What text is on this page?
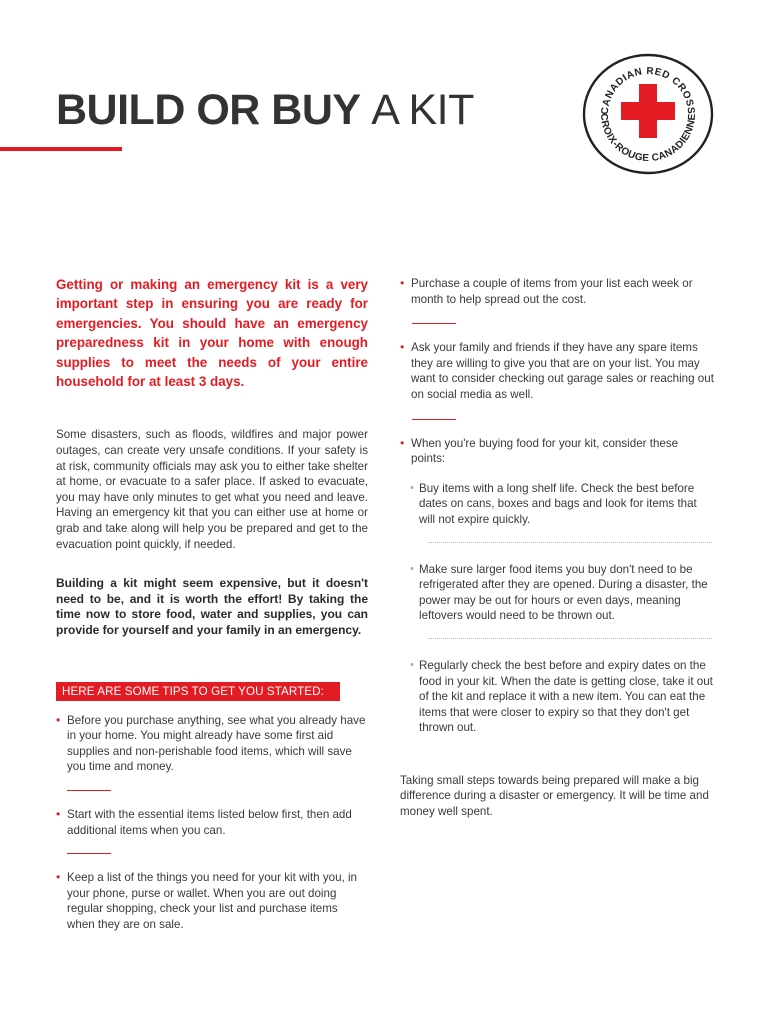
BUILD OR BUY A KIT	CANADIAN RED CROSS
CROIX-ROUGE CANADIENNE

Getting or making an emergency kit is a very important step in ensuring you are ready for emergencies. You should have an emergency preparedness kit in your home with enough supplies to meet the needs of your entire household for at least 3 days.

Some disasters, such as floods, wildfires and major power outages, can create very unsafe conditions. If your safety is at risk, community officials may ask you to either take shelter at home, or evacuate to a safer place. If asked to evacuate, you may have only minutes to get what you need and leave. Having an emergency kit that you can either use at home or grab and take along will help you be prepared and get to the evacuation point quickly, if needed.

Building a kit might seem expensive, but it doesn't need to be, and it is worth the effort! By taking the time now to store food, water and supplies, you can provide for yourself and your family in an emergency.

HERE ARE SOME TIPS TO GET YOU STARTED:
• Before you purchase anything, see what you already have in your home. You might already have some first aid supplies and non-perishable food items, which will save you time and money.
• Start with the essential items listed below first, then add additional items when you can.
• Keep a list of the things you need for your kit with you, in your phone, purse or wallet. When you are out doing regular shopping, check your list and purchase items when they are on sale.
• Purchase a couple of items from your list each week or month to help spread out the cost.
• Ask your family and friends if they have any spare items they are willing to give you that are on your list. You may want to consider checking out garage sales or reaching out on social media as well.
• When you're buying food for your kit, consider these points:
• Buy items with a long shelf life. Check the best before dates on cans, boxes and bags and look for items that will not expire quickly.
• Make sure larger food items you buy don't need to be refrigerated after they are opened. During a disaster, the power may be out for hours or even days, meaning leftovers would need to be thrown out.
• Regularly check the best before and expiry dates on the food in your kit. When the date is getting close, take it out of the kit and replace it with a new item. You can eat the items that were closer to expiry so that they don't get thrown out.

Taking small steps towards being prepared will make a big difference during a disaster or emergency. It will be time and money well spent.
